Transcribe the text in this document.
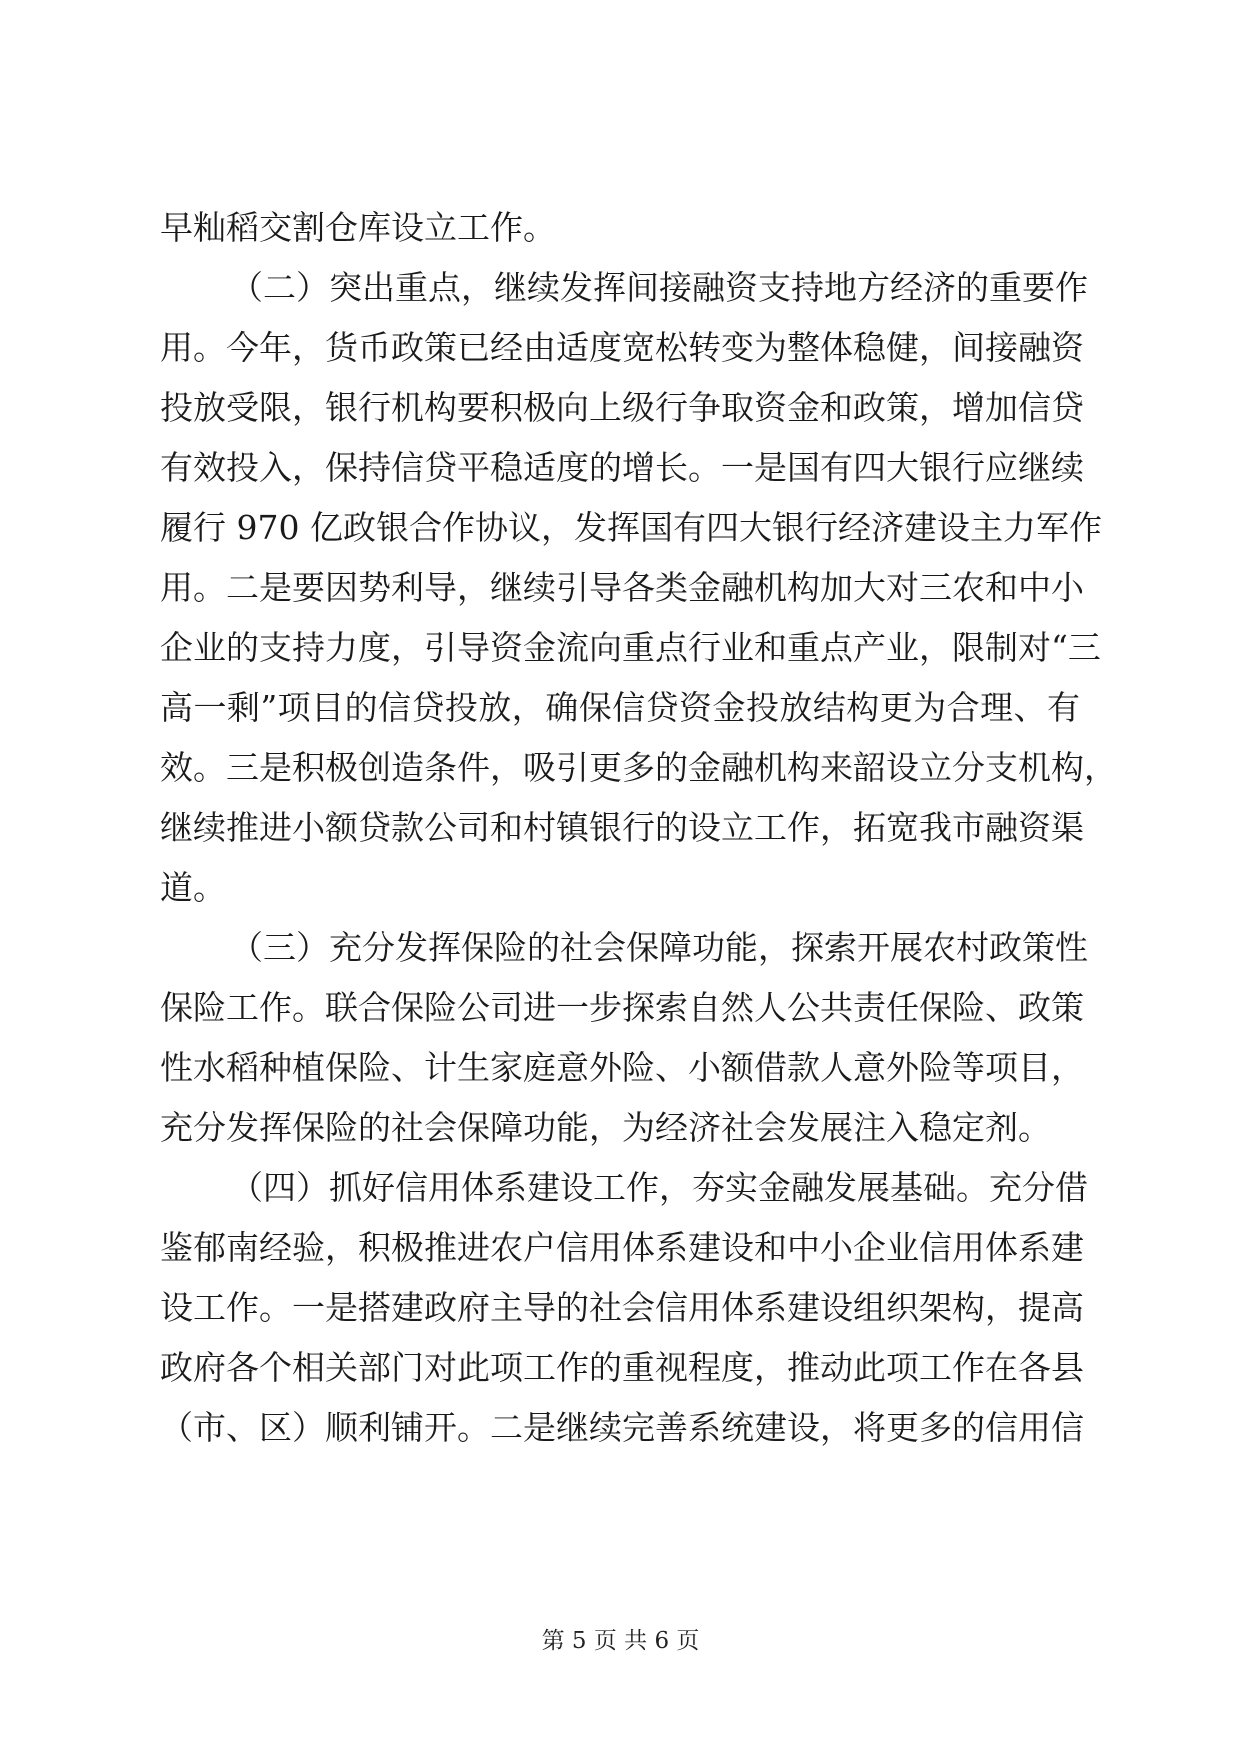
早籼稻交割仓库设立工作。
（二）突出重点，继续发挥间接融资支持地方经济的重要作
用。今年，货币政策已经由适度宽松转变为整体稳健，间接融资
投放受限，银行机构要积极向上级行争取资金和政策，增加信贷
有效投入，保持信贷平稳适度的增长。一是国有四大银行应继续
履行 970 亿政银合作协议，发挥国有四大银行经济建设主力军作
用。二是要因势利导，继续引导各类金融机构加大对三农和中小
企业的支持力度，引导资金流向重点行业和重点产业，限制对“三
高一剩”项目的信贷投放，确保信贷资金投放结构更为合理、有
效。三是积极创造条件，吸引更多的金融机构来韶设立分支机构，
继续推进小额贷款公司和村镇银行的设立工作，拓宽我市融资渠
道。
（三）充分发挥保险的社会保障功能，探索开展农村政策性
保险工作。联合保险公司进一步探索自然人公共责任保险、政策
性水稻种植保险、计生家庭意外险、小额借款人意外险等项目，
充分发挥保险的社会保障功能，为经济社会发展注入稳定剂。
（四）抓好信用体系建设工作，夯实金融发展基础。充分借
鉴郁南经验，积极推进农户信用体系建设和中小企业信用体系建
设工作。一是搭建政府主导的社会信用体系建设组织架构，提高
政府各个相关部门对此项工作的重视程度，推动此项工作在各县
（市、区）顺利铺开。二是继续完善系统建设，将更多的信用信
第 5 页 共 6 页
